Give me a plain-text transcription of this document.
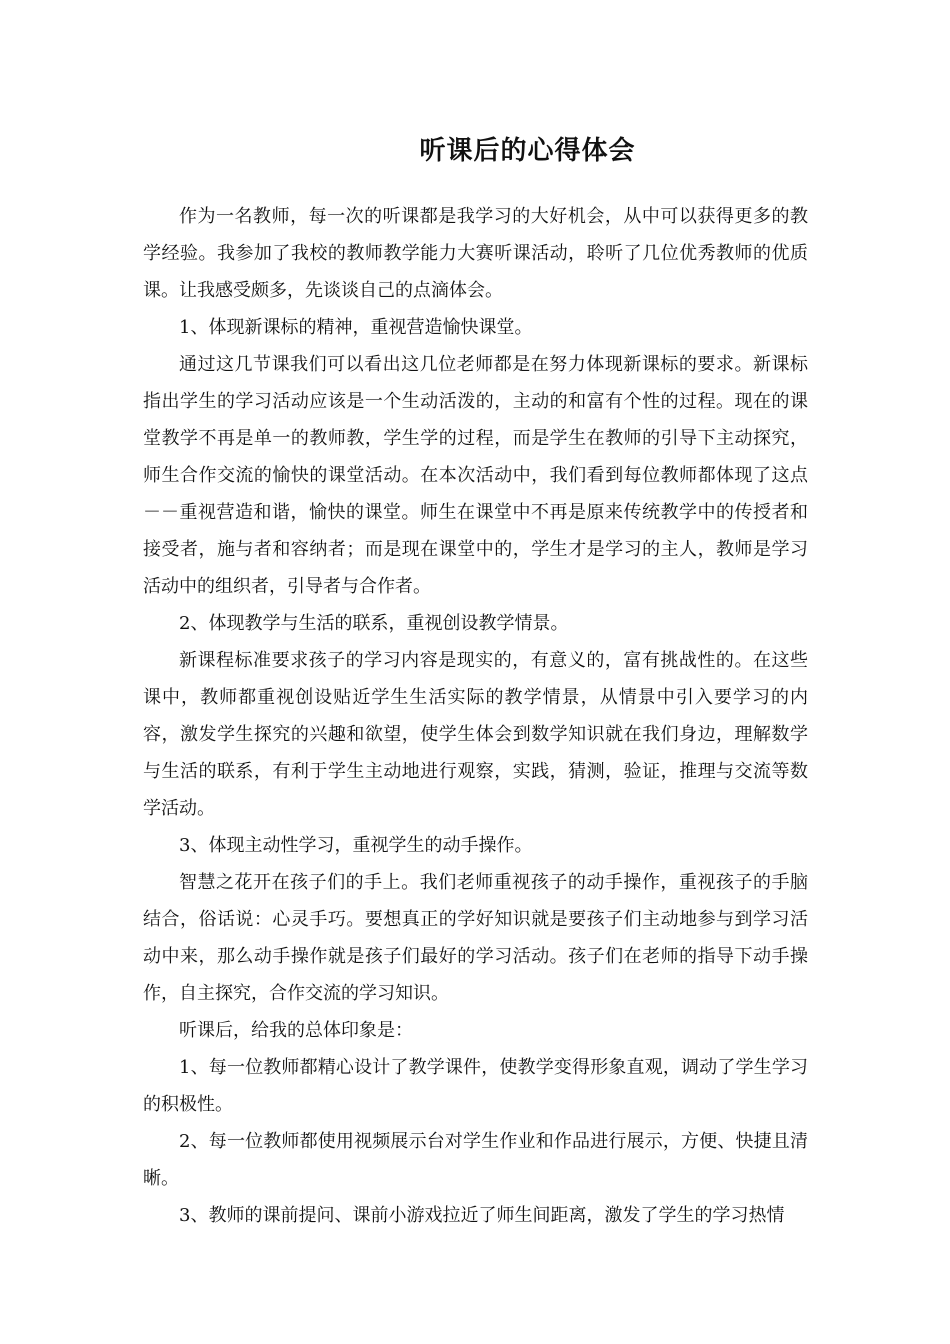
听课后的心得体会

作为一名教师，每一次的听课都是我学习的大好机会，从中可以获得更多的教学经验。我参加了我校的教师教学能力大赛听课活动，聆听了几位优秀教师的优质课。让我感受颇多，先谈谈自己的点滴体会。

1、体现新课标的精神，重视营造愉快课堂。

通过这几节课我们可以看出这几位老师都是在努力体现新课标的要求。新课标指出学生的学习活动应该是一个生动活泼的，主动的和富有个性的过程。现在的课堂教学不再是单一的教师教，学生学的过程，而是学生在教师的引导下主动探究，师生合作交流的愉快的课堂活动。在本次活动中，我们看到每位教师都体现了这点－－重视营造和谐，愉快的课堂。师生在课堂中不再是原来传统教学中的传授者和接受者，施与者和容纳者；而是现在课堂中的，学生才是学习的主人，教师是学习活动中的组织者，引导者与合作者。

2、体现教学与生活的联系，重视创设教学情景。

新课程标准要求孩子的学习内容是现实的，有意义的，富有挑战性的。在这些课中，教师都重视创设贴近学生生活实际的教学情景，从情景中引入要学习的内容，激发学生探究的兴趣和欲望，使学生体会到数学知识就在我们身边，理解数学与生活的联系，有利于学生主动地进行观察，实践，猜测，验证，推理与交流等数学活动。

3、体现主动性学习，重视学生的动手操作。

智慧之花开在孩子们的手上。我们老师重视孩子的动手操作，重视孩子的手脑结合，俗话说：心灵手巧。要想真正的学好知识就是要孩子们主动地参与到学习活动中来，那么动手操作就是孩子们最好的学习活动。孩子们在老师的指导下动手操作，自主探究，合作交流的学习知识。

听课后，给我的总体印象是：

1、每一位教师都精心设计了教学课件，使教学变得形象直观，调动了学生学习的积极性。

2、每一位教师都使用视频展示台对学生作业和作品进行展示，方便、快捷且清晰。

3、教师的课前提问、课前小游戏拉近了师生间距离，激发了学生的学习热情
